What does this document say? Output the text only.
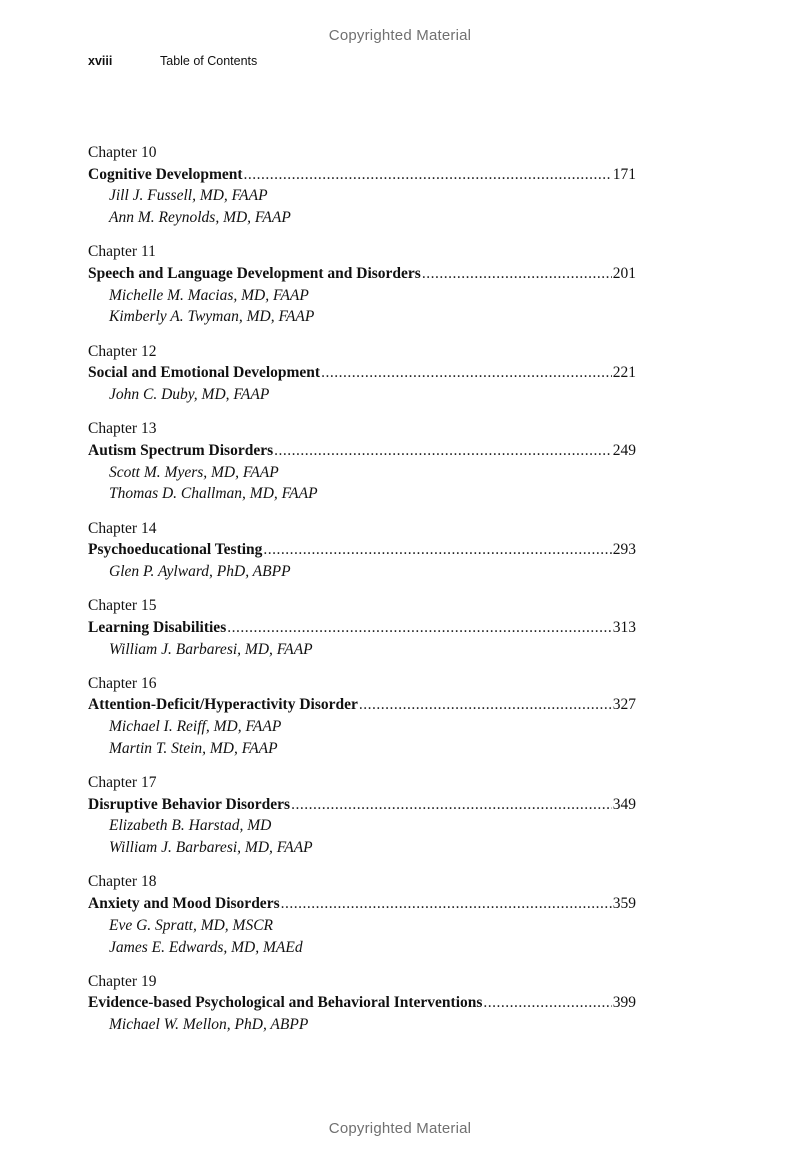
Copyrighted Material
xviii	Table of Contents
Chapter 10
Cognitive Development .....	171
Jill J. Fussell, MD, FAAP
Ann M. Reynolds, MD, FAAP
Chapter 11
Speech and Language Development and Disorders .....	201
Michelle M. Macias, MD, FAAP
Kimberly A. Twyman, MD, FAAP
Chapter 12
Social and Emotional Development .....	221
John C. Duby, MD, FAAP
Chapter 13
Autism Spectrum Disorders .....	249
Scott M. Myers, MD, FAAP
Thomas D. Challman, MD, FAAP
Chapter 14
Psychoeducational Testing .....	293
Glen P. Aylward, PhD, ABPP
Chapter 15
Learning Disabilities .....	313
William J. Barbaresi, MD, FAAP
Chapter 16
Attention-Deficit/Hyperactivity Disorder .....	327
Michael I. Reiff, MD, FAAP
Martin T. Stein, MD, FAAP
Chapter 17
Disruptive Behavior Disorders .....	349
Elizabeth B. Harstad, MD
William J. Barbaresi, MD, FAAP
Chapter 18
Anxiety and Mood Disorders .....	359
Eve G. Spratt, MD, MSCR
James E. Edwards, MD, MAEd
Chapter 19
Evidence-based Psychological and Behavioral Interventions .....	399
Michael W. Mellon, PhD, ABPP
Copyrighted Material
